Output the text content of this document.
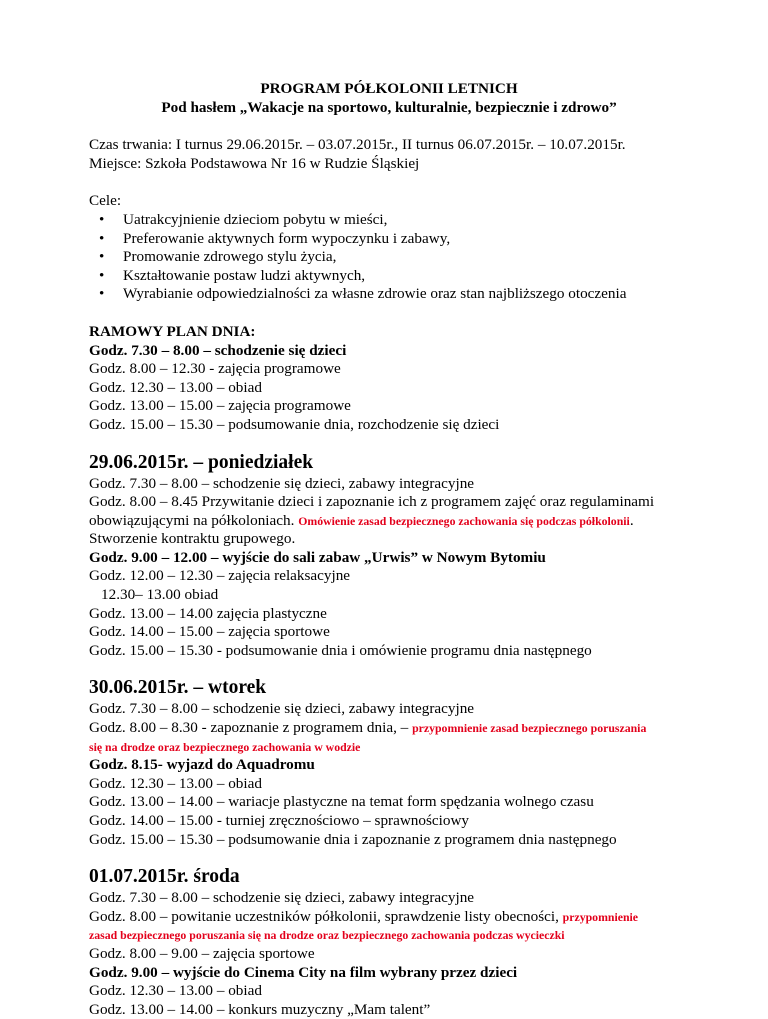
PROGRAM PÓŁKOLONII LETNICH
Pod hasłem „Wakacje na sportowo, kulturalnie, bezpiecznie i zdrowo”
Czas trwania: I turnus 29.06.2015r. – 03.07.2015r., II turnus 06.07.2015r. – 10.07.2015r.
Miejsce: Szkoła Podstawowa Nr 16 w Rudzie Śląskiej
Cele:
• Uatrakcyjnienie dzieciom pobytu w mieści,
• Preferowanie aktywnych form wypoczynku i zabawy,
• Promowanie zdrowego stylu życia,
• Kształtowanie postaw ludzi aktywnych,
• Wyrabianie odpowiedzialności za własne zdrowie oraz stan najbliższego otoczenia
RAMOWY PLAN DNIA:
Godz. 7.30 – 8.00 – schodzenie się dzieci
Godz. 8.00 – 12.30 - zajęcia programowe
Godz. 12.30 – 13.00 – obiad
Godz. 13.00 – 15.00 – zajęcia programowe
Godz. 15.00 – 15.30 – podsumowanie dnia, rozchodzenie się dzieci
29.06.2015r. – poniedziałek
Godz. 7.30 – 8.00 – schodzenie się dzieci, zabawy integracyjne
Godz. 8.00 – 8.45 Przywitanie dzieci i zapoznanie ich z programem zajęć oraz regulaminami
obowiązującymi na półkoloniach. Omówienie zasad bezpiecznego zachowania się podczas półkolonii.
Stworzenie kontraktu grupowego.
Godz. 9.00 – 12.00 – wyjście do sali zabaw „Urwis” w Nowym Bytomiu
Godz. 12.00 – 12.30 – zajęcia relaksacyjne
12.30– 13.00 obiad
Godz. 13.00 – 14.00 zajęcia plastyczne
Godz. 14.00 – 15.00 – zajęcia sportowe
Godz. 15.00 – 15.30 - podsumowanie dnia i omówienie programu dnia następnego
30.06.2015r. – wtorek
Godz. 7.30 – 8.00 – schodzenie się dzieci, zabawy integracyjne
Godz. 8.00 – 8.30 - zapoznanie z programem dnia, – przypomnienie zasad bezpiecznego poruszania
się na drodze oraz bezpiecznego zachowania w wodzie
Godz. 8.15- wyjazd do Aquadromu
Godz. 12.30 – 13.00 – obiad
Godz. 13.00 – 14.00 – wariacje plastyczne na temat form spędzania wolnego czasu
Godz. 14.00 – 15.00 - turniej zręcznościowo – sprawnościowy
Godz. 15.00 – 15.30 – podsumowanie dnia i zapoznanie z programem dnia następnego
01.07.2015r. środa
Godz. 7.30 – 8.00 – schodzenie się dzieci, zabawy integracyjne
Godz. 8.00 – powitanie uczestników półkolonii, sprawdzenie listy obecności, przypomnienie
zasad bezpiecznego poruszania się na drodze oraz bezpiecznego zachowania podczas wycieczki
Godz. 8.00 – 9.00 – zajęcia sportowe
Godz. 9.00 – wyjście do Cinema City na film wybrany przez dzieci
Godz. 12.30 – 13.00 – obiad
Godz. 13.00 – 14.00 – konkurs muzyczny „Mam talent”
